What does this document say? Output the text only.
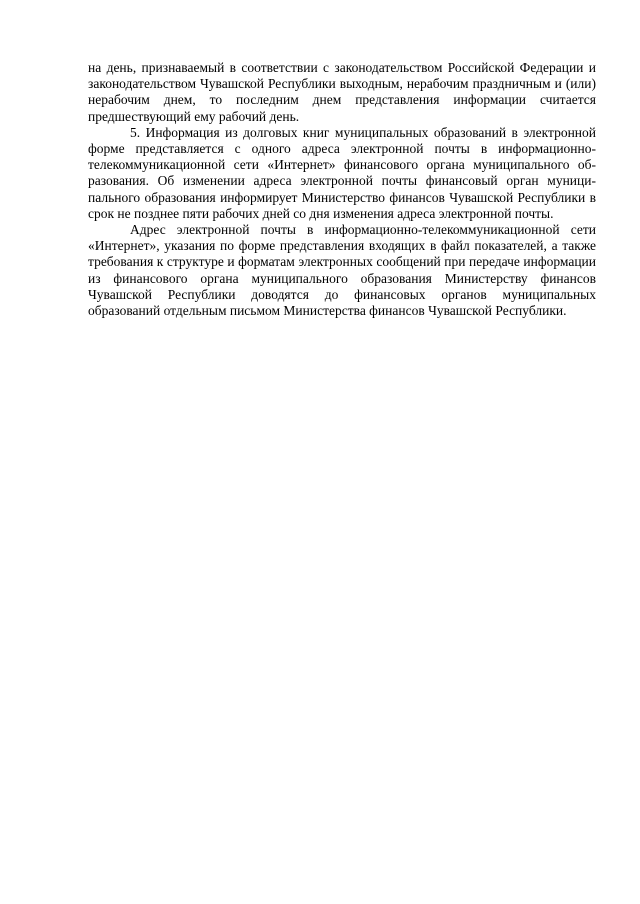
на день, признаваемый в соответствии с законодательством Российской Федерации и законодательством Чувашской Республики выходным, нерабочим праздничным и (или) нерабочим днем, то последним днем представления информации считается предшествующий ему рабочий день.

5. Информация из долговых книг муниципальных образований в электронной форме представляется с одного адреса электронной почты в информационно-телекоммуникационной сети «Интернет» финансового органа муниципального образования. Об изменении адреса электронной почты финансовый орган муниципального образования информирует Министерство финансов Чувашской Республики в срок не позднее пяти рабочих дней со дня изменения адреса электронной почты.

Адрес электронной почты в информационно-телекоммуникационной сети «Интернет», указания по форме представления входящих в файл показателей, а также требования к структуре и форматам электронных сообщений при передаче информации из финансового органа муниципального образования Министерству финансов Чувашской Республики доводятся до финансовых органов муниципальных образований отдельным письмом Министерства финансов Чувашской Республики.
